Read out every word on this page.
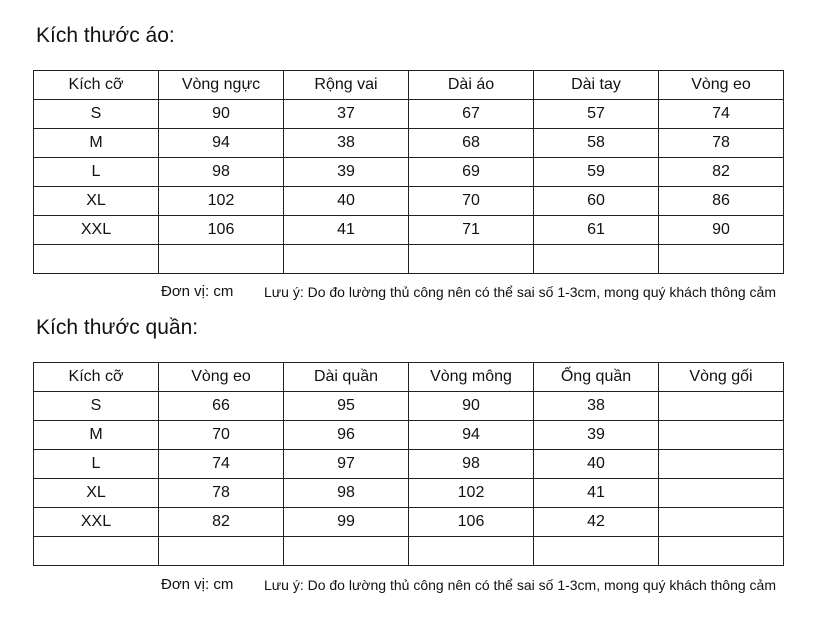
Kích thước áo:
Kích cỡ	Vòng ngực	Rộng vai	Dài áo	Dài tay	Vòng eo
S	90	37	67	57	74
M	94	38	68	58	78
L	98	39	69	59	82
XL	102	40	70	60	86
XXL	106	41	71	61	90

Đơn vị: cm Lưu ý: Do đo lường thủ công nên có thể sai số 1-3cm, mong quý khách thông cảm
Kích thước quần:
Kích cỡ	Vòng eo	Dài quần	Vòng mông	Ống quần	Vòng gối
S	66	95	90	38	
M	70	96	94	39	
L	74	97	98	40	
XL	78	98	102	41	
XXL	82	99	106	42	

Đơn vị: cm Lưu ý: Do đo lường thủ công nên có thể sai số 1-3cm, mong quý khách thông cảm
